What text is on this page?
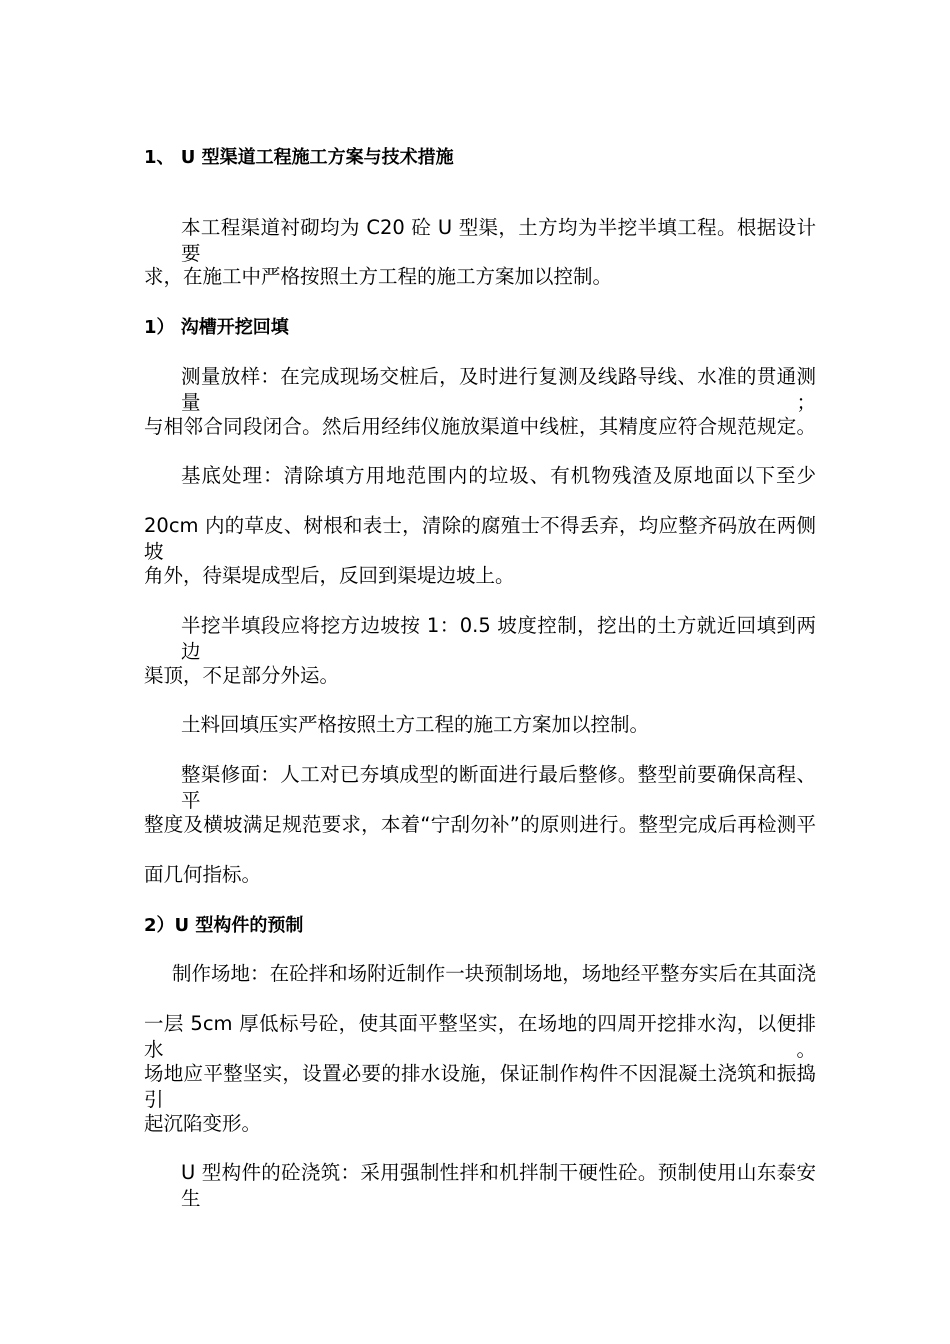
1、 U 型渠道工程施工方案与技术措施
本工程渠道衬砌均为 C20 砼 U 型渠，土方均为半挖半填工程。根据设计要
求，在施工中严格按照土方工程的施工方案加以控制。
1） 沟槽开挖回填
测量放样：在完成现场交桩后，及时进行复测及线路导线、水准的贯通测量；
与相邻合同段闭合。然后用经纬仪施放渠道中线桩，其精度应符合规范规定。
基底处理：清除填方用地范围内的垃圾、有机物残渣及原地面以下至少
20cm 内的草皮、树根和表士，清除的腐殖士不得丢弃，均应整齐码放在两侧坡
角外，待渠堤成型后，反回到渠堤边坡上。
半挖半填段应将挖方边坡按 1：0.5 坡度控制，挖出的土方就近回填到两边
渠顶，不足部分外运。
土料回填压实严格按照土方工程的施工方案加以控制。
整渠修面：人工对已夯填成型的断面进行最后整修。整型前要确保高程、平
整度及横坡满足规范要求，本着“宁刮勿补”的原则进行。整型完成后再检测平
面几何指标。
2）U 型构件的预制
制作场地：在砼拌和场附近制作一块预制场地，场地经平整夯实后在其面浇
一层 5cm 厚低标号砼，使其面平整坚实，在场地的四周开挖排水沟，以便排水。
场地应平整坚实，设置必要的排水设施，保证制作构件不因混凝土浇筑和振捣引
起沉陷变形。
U 型构件的砼浇筑：采用强制性拌和机拌制干硬性砼。预制使用山东泰安生
